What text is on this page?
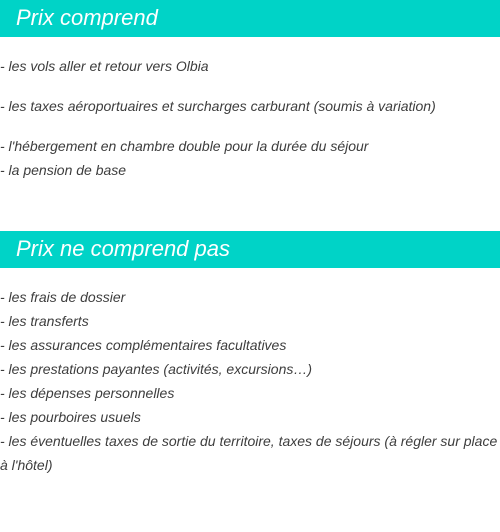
Prix comprend
- les vols aller et retour vers Olbia
- les taxes aéroportuaires et surcharges carburant (soumis à variation)
- l'hébergement en chambre double pour la durée du séjour
- la pension de base
Prix ne comprend pas
- les frais de dossier
- les transferts
- les assurances complémentaires facultatives
- les prestations payantes (activités, excursions…)
- les dépenses personnelles
- les pourboires usuels
- les éventuelles taxes de sortie du territoire, taxes de séjours (à régler sur place à l'hôtel)
